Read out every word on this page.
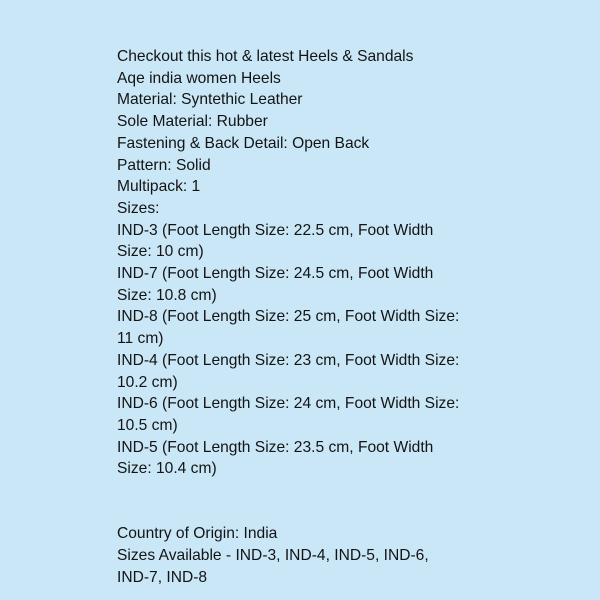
Checkout this hot & latest Heels & Sandals
Aqe india women Heels
Material: Syntethic Leather
Sole Material: Rubber
Fastening & Back Detail: Open Back
Pattern: Solid
Multipack: 1
Sizes:
IND-3 (Foot Length Size: 22.5 cm, Foot Width
Size: 10 cm)
IND-7 (Foot Length Size: 24.5 cm, Foot Width
Size: 10.8 cm)
IND-8 (Foot Length Size: 25 cm, Foot Width Size:
11 cm)
IND-4 (Foot Length Size: 23 cm, Foot Width Size:
10.2 cm)
IND-6 (Foot Length Size: 24 cm, Foot Width Size:
10.5 cm)
IND-5 (Foot Length Size: 23.5 cm, Foot Width
Size: 10.4 cm)
Country of Origin: India
Sizes Available - IND-3, IND-4, IND-5, IND-6,
IND-7, IND-8
